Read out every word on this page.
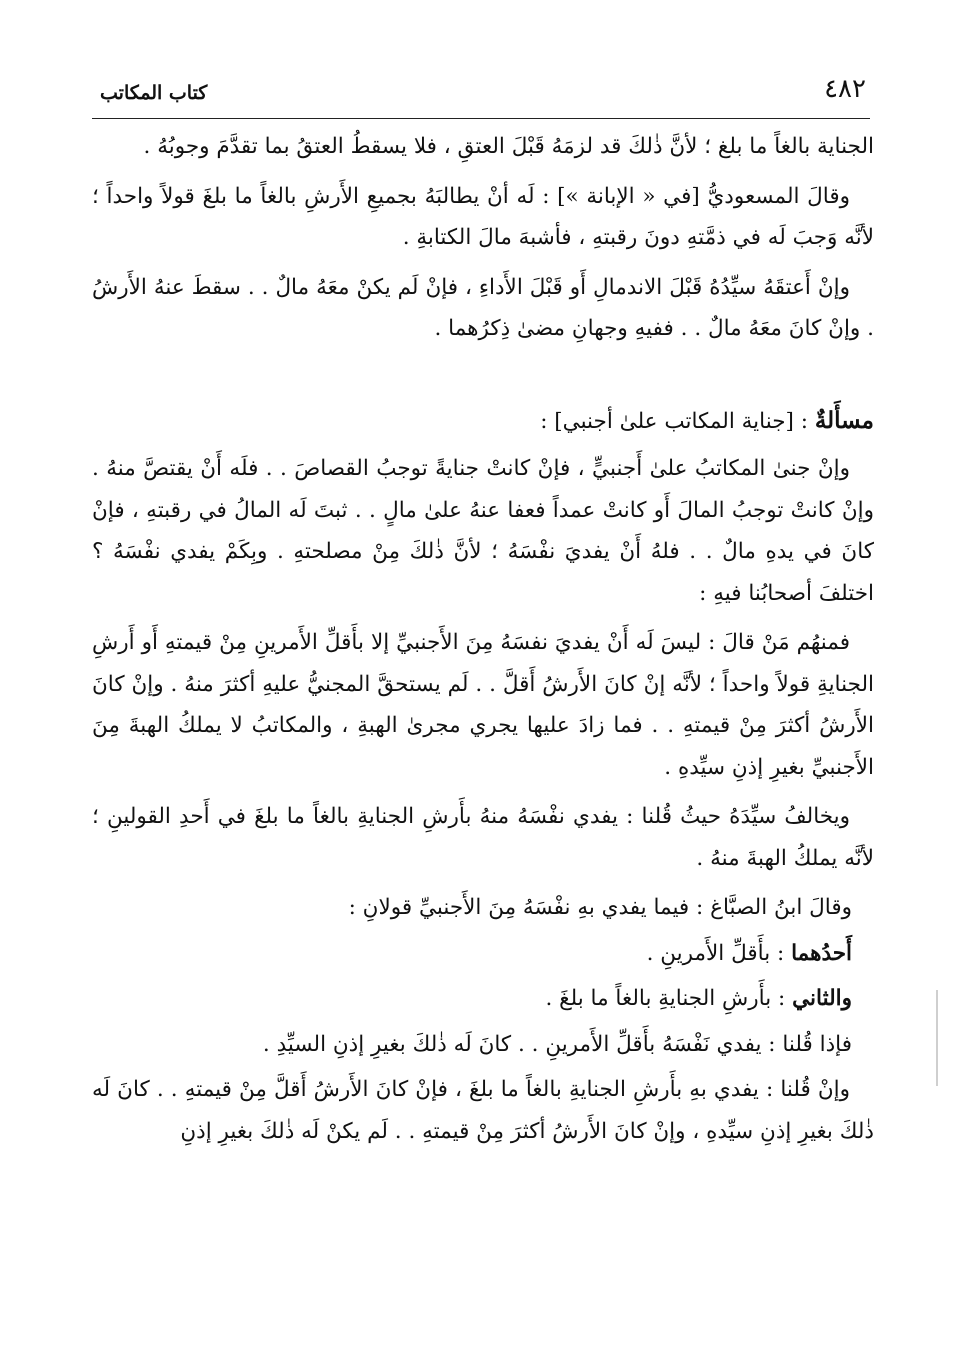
٤٨٢
كتاب المكاتب

الجناية بالغاً ما بلغ ؛ لأنَّ ذٰلكَ قد لزمَهُ قَبْلَ العتقِ ، فلا يسقطُ العتقُ بما تقدَّمَ وجوبُهُ .

وقالَ المسعوديُّ [في « الإبانة »] : لَه أنْ يطالبَهُ بجميعِ الأَرشِ بالغاً ما بلغَ قولاً واحداً ؛ لأنَّه وَجبَ لَه في ذمَّتهِ دونَ رقبتهِ ، فأشبهَ مالَ الكتابةِ .

وإنْ أَعتقَهُ سيِّدُهُ قَبْلَ الاندمالِ أَو قَبْلَ الأَداءِ ، فإنْ لَم يكنْ معَهُ مالٌ . . سقطَ عنهُ الأَرشُ . وإنْ كانَ معَهُ مالٌ . . ففيهِ وجهانِ مضىٰ ذِكرُهما .

مسأَلةٌ : [جناية المكاتب علىٰ أجنبي] :

وإنْ جنىٰ المكاتبُ علىٰ أَجنبيٍّ ، فإنْ كانتْ جنايةً توجبُ القصاصَ . . فلَه أَنْ يقتصَّ منهُ . وإنْ كانتْ توجبُ المالَ أَو كانتْ عمداً فعفا عنهُ علىٰ مالٍ . . ثبتَ لَه المالُ في رقبتهِ ، فإنْ كانَ في يدهِ مالٌ . . فلهُ أَنْ يفديَ نفْسَهُ ؛ لأنَّ ذٰلكَ مِنْ مصلحتهِ . وبِكَمْ يفدي نفْسَهُ ؟ اختلفَ أصحابُنا فيهِ :

فمنهُم مَنْ قالَ : ليسَ لَه أَنْ يفديَ نفسَهُ مِنَ الأَجنبيِّ إلا بأَقلِّ الأَمرينِ مِنْ قيمتهِ أَو أَرشِ الجنايةِ قولاً واحداً ؛ لأنَّه إنْ كانَ الأَرشُ أَقلَّ . . لَم يستحقَّ المجنيُّ عليهِ أكثرَ منهُ . وإنْ كانَ الأَرشُ أكثرَ مِنْ قيمتهِ . . فما زادَ عليها يجري مجرىٰ الهبةِ ، والمكاتبُ لا يملكُ الهبةَ مِنَ الأَجنبيِّ بغيرِ إذنِ سيِّدهِ .

ويخالفُ سيِّدَهُ حيثُ قُلنا : يفدي نفْسَهُ منهُ بأَرشِ الجنايةِ بالغاً ما بلغَ في أَحدِ القولينِ ؛ لأنَّه يملكُ الهبةَ منهُ .

وقالَ ابنُ الصبَّاغ : فيما يفدي بهِ نفْسَهُ مِنَ الأَجنبيِّ قولانِ :

أَحدُهما : بأَقلِّ الأَمرينِ .

والثاني : بأَرشِ الجنايةِ بالغاً ما بلغَ .

فإذا قُلنا : يفدي نَفْسَهُ بأَقلِّ الأَمرينِ . . كانَ لَه ذٰلكَ بغيرِ إذنِ السيِّدِ .

وإنْ قُلنا : يفدي بهِ بأَرشِ الجنايةِ بالغاً ما بلغَ ، فإنْ كانَ الأَرشُ أَقلَّ مِنْ قيمتهِ . . كانَ لَه ذٰلكَ بغيرِ إذنِ سيِّدهِ ، وإنْ كانَ الأَرشُ أكثرَ مِنْ قيمتهِ . . لَم يكنْ لَه ذٰلكَ بغيرِ إذنِ
